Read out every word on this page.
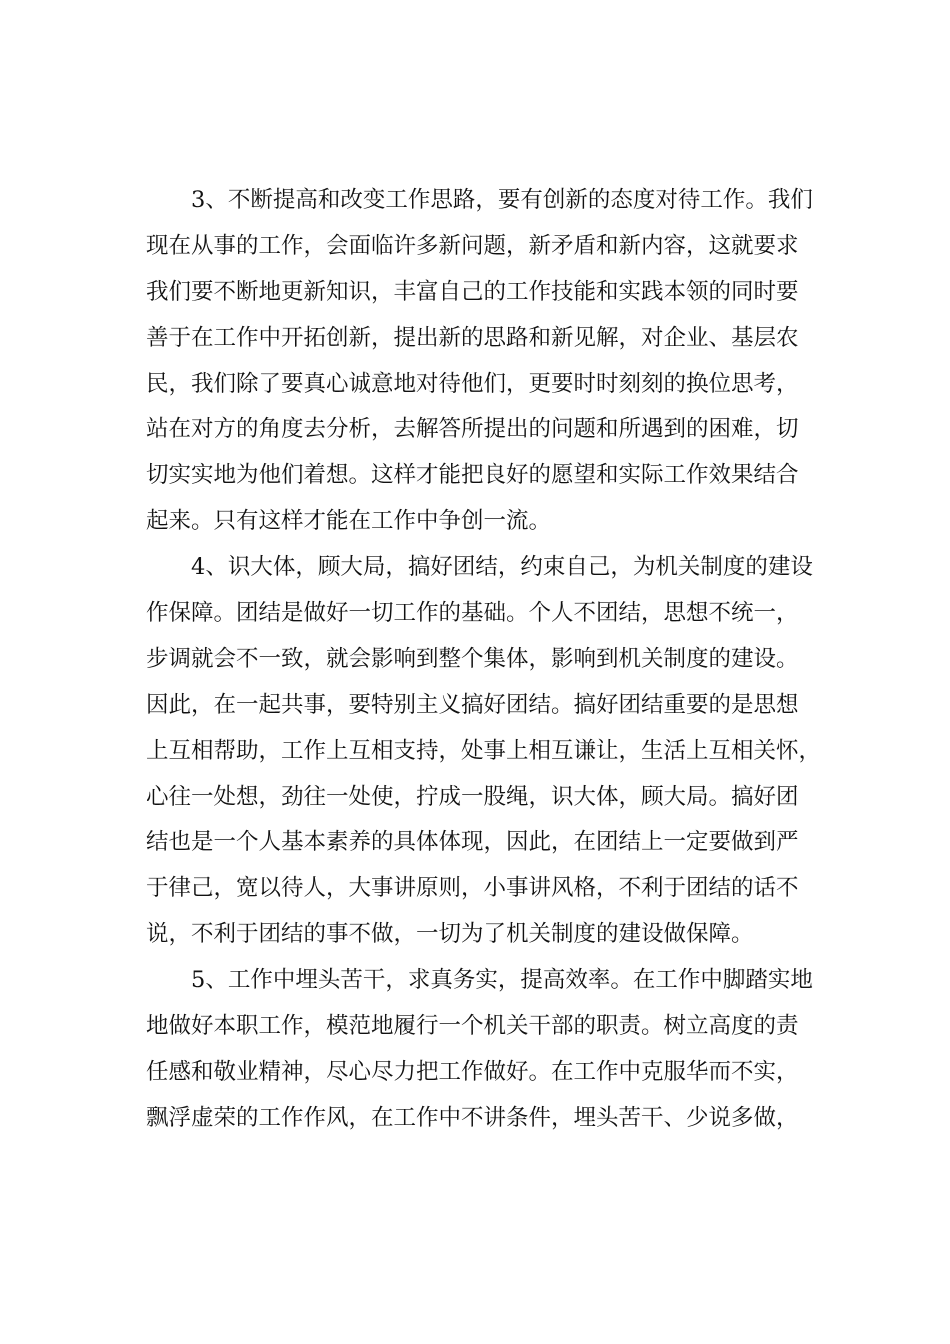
3、不断提高和改变工作思路，要有创新的态度对待工作。我们
现在从事的工作，会面临许多新问题，新矛盾和新内容，这就要求
我们要不断地更新知识，丰富自己的工作技能和实践本领的同时要
善于在工作中开拓创新，提出新的思路和新见解，对企业、基层农
民，我们除了要真心诚意地对待他们，更要时时刻刻的换位思考，
站在对方的角度去分析，去解答所提出的问题和所遇到的困难，切
切实实地为他们着想。这样才能把良好的愿望和实际工作效果结合
起来。只有这样才能在工作中争创一流。
4、识大体，顾大局，搞好团结，约束自己，为机关制度的建设
作保障。团结是做好一切工作的基础。个人不团结，思想不统一，
步调就会不一致，就会影响到整个集体，影响到机关制度的建设。
因此，在一起共事，要特别主义搞好团结。搞好团结重要的是思想
上互相帮助，工作上互相支持，处事上相互谦让，生活上互相关怀，
心往一处想，劲往一处使，拧成一股绳，识大体，顾大局。搞好团
结也是一个人基本素养的具体体现，因此，在团结上一定要做到严
于律己，宽以待人，大事讲原则，小事讲风格，不利于团结的话不
说，不利于团结的事不做，一切为了机关制度的建设做保障。
5、工作中埋头苦干，求真务实，提高效率。在工作中脚踏实地
地做好本职工作，模范地履行一个机关干部的职责。树立高度的责
任感和敬业精神，尽心尽力把工作做好。在工作中克服华而不实，
飘浮虚荣的工作作风，在工作中不讲条件，埋头苦干、少说多做，
